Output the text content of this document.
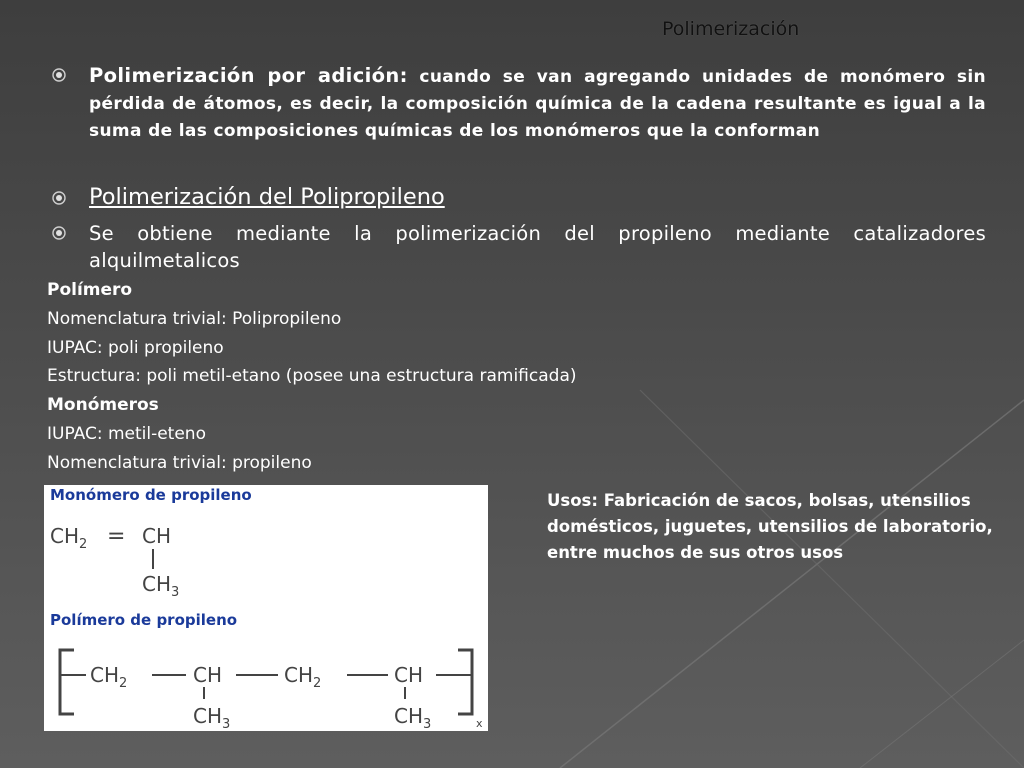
Polimerización
Polimerización por adición: cuando se van agregando unidades de monómero sin pérdida de átomos, es decir, la composición química de la cadena resultante es igual a la suma de las composiciones químicas de los monómeros que la conforman
Polimerización del Polipropileno
Se obtiene mediante la polimerización del propileno mediante catalizadores alquilmetalicos
Polímero
Nomenclatura trivial: Polipropileno
IUPAC: poli propileno
Estructura: poli metil-etano (posee una estructura ramificada)
Monómeros
IUPAC: metil-eteno
Nomenclatura trivial: propileno
Monómero de propileno
$CH_2$ = CH
$CH_3$
Polímero de propileno
$CH_2$	CH
$CH_3$
$CH_2$	CH
$CH_3$	x
Usos: Fabricación de sacos, bolsas, utensilios domésticos, juguetes, utensilios de laboratorio, entre muchos de sus otros usos
